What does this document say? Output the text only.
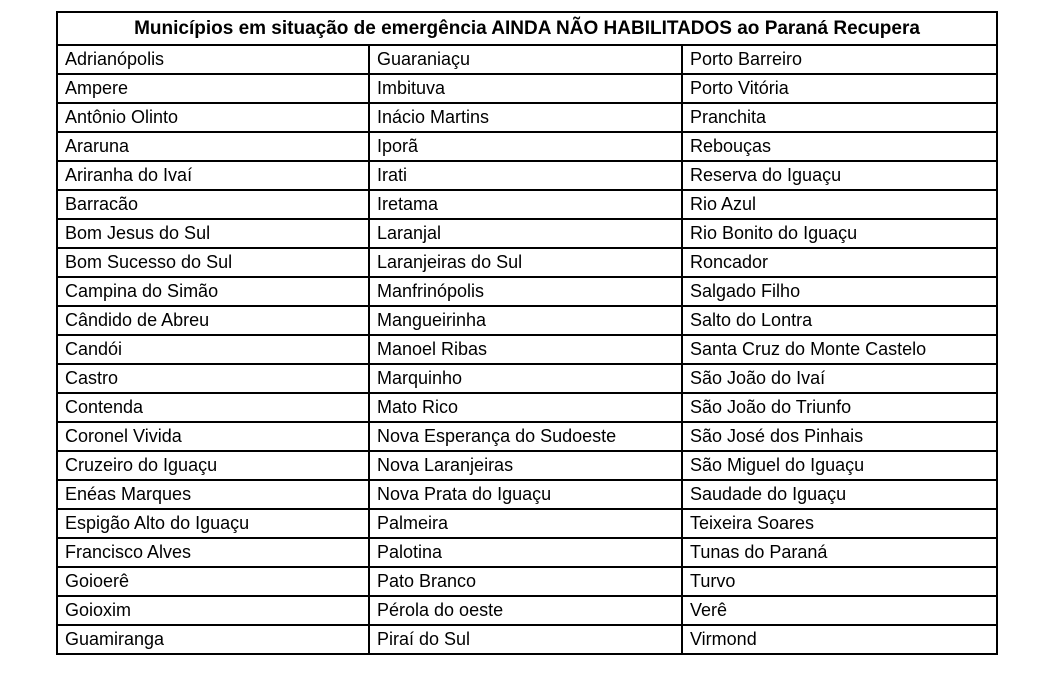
Municípios em situação de emergência AINDA NÃO HABILITADOS ao Paraná Recupera		
Adrianópolis	Guaraniaçu	Porto Barreiro
Ampere	Imbituva	Porto Vitória
Antônio Olinto	Inácio Martins	Pranchita
Araruna	Iporã	Rebouças
Ariranha do Ivaí	Irati	Reserva do Iguaçu
Barracão	Iretama	Rio Azul
Bom Jesus do Sul	Laranjal	Rio Bonito do Iguaçu
Bom Sucesso do Sul	Laranjeiras do Sul	Roncador
Campina do Simão	Manfrinópolis	Salgado Filho
Cândido de Abreu	Mangueirinha	Salto do Lontra
Candói	Manoel Ribas	Santa Cruz do Monte Castelo
Castro	Marquinho	São João do Ivaí
Contenda	Mato Rico	São João do Triunfo
Coronel Vivida	Nova Esperança do Sudoeste	São José dos Pinhais
Cruzeiro do Iguaçu	Nova Laranjeiras	São Miguel do Iguaçu
Enéas Marques	Nova Prata do Iguaçu	Saudade do Iguaçu
Espigão Alto do Iguaçu	Palmeira	Teixeira Soares
Francisco Alves	Palotina	Tunas do Paraná
Goioerê	Pato Branco	Turvo
Goioxim	Pérola do oeste	Verê
Guamiranga	Piraí do Sul	Virmond
